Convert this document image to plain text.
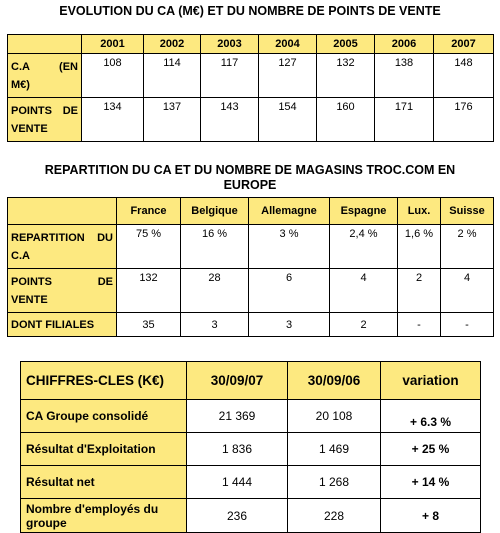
EVOLUTION DU CA (M€) ET DU NOMBRE DE POINTS DE VENTE
	2001	2002	2003	2004	2005	2006	2007

C.A (EN
M€)	108	114	117	127	132	138	148

POINTS DE
VENTE	134	137	143	154	160	171	176
REPARTITION DU CA ET DU NOMBRE DE MAGASINS TROC.COM EN
EUROPE
	France	Belgique	Allemagne	Espagne	Lux.	Suisse

REPARTITION DU
C.A	75 %	16 %	3 %	2,4 %	1,6 %	2 %

POINTS DE
VENTE	132	28	6	4	2	4
DONT FILIALES	35	3	3	2	-	-
CHIFFRES-CLES (K€)	30/09/07	30/09/06	variation
CA Groupe consolidé	21 369	20 108	+ 6.3 %
Résultat d'Exploitation	1 836	1 469	+ 25 %
Résultat net	1 444	1 268	+ 14 %

Nombre d'employés du
groupe	236	228	+ 8
